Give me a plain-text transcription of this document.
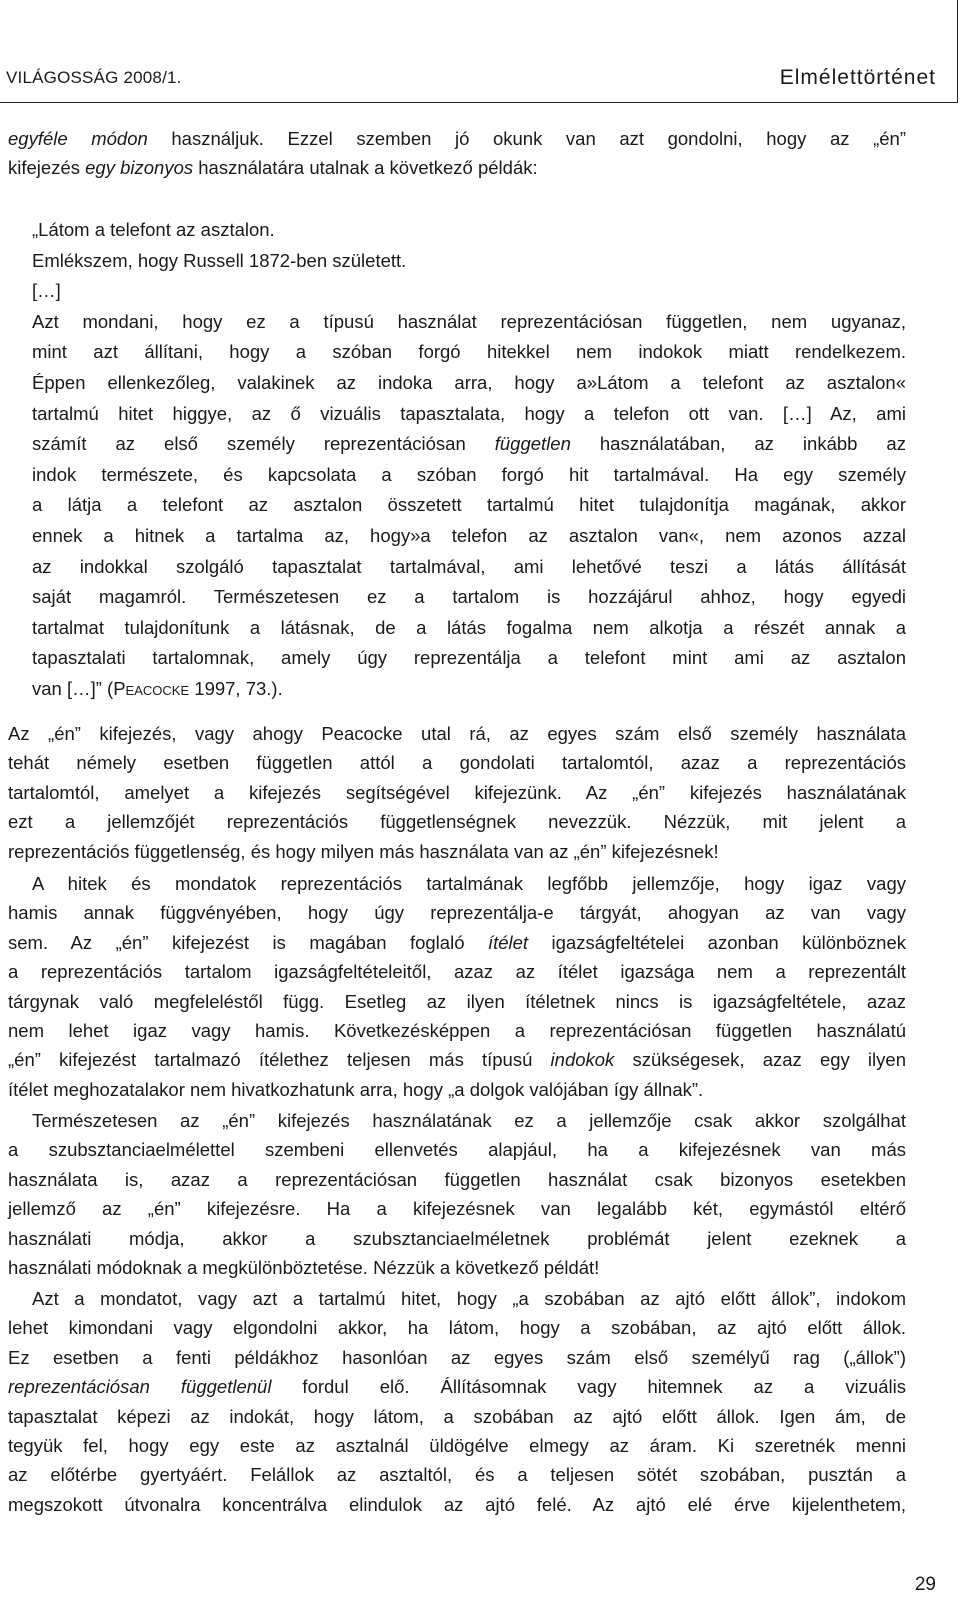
VILÁGOSSÁG 2008/1.	Elmélettörténet
egyféle módon használjuk. Ezzel szemben jó okunk van azt gondolni, hogy az „én”
kifejezés egy bizonyos használatára utalnak a következő példák:
„Látom a telefont az asztalon.
Emlékszem, hogy Russell 1872-ben született.
[…]
Azt mondani, hogy ez a típusú használat reprezentációsan független, nem ugyanaz,
mint azt állítani, hogy a szóban forgó hitekkel nem indokok miatt rendelkezem.
Éppen ellenkezőleg, valakinek az indoka arra, hogy a»Látom a telefont az asztalon«
tartalmú hitet higgye, az ő vizuális tapasztalata, hogy a telefon ott van. […] Az, ami
számít az első személy reprezentációsan független használatában, az inkább az
indok természete, és kapcsolata a szóban forgó hit tartalmával. Ha egy személy
a látja a telefont az asztalon összetett tartalmú hitet tulajdonítja magának, akkor
ennek a hitnek a tartalma az, hogy»a telefon az asztalon van«, nem azonos azzal
az indokkal szolgáló tapasztalat tartalmával, ami lehetővé teszi a látás állítását
saját magamról. Természetesen ez a tartalom is hozzájárul ahhoz, hogy egyedi
tartalmat tulajdonítunk a látásnak, de a látás fogalma nem alkotja a részét annak a
tapasztalati tartalomnak, amely úgy reprezentálja a telefont mint ami az asztalon
van […]” (Peacocke 1997, 73.).
Az „én” kifejezés, vagy ahogy Peacocke utal rá, az egyes szám első személy használata
tehát némely esetben független attól a gondolati tartalomtól, azaz a reprezentációs
tartalomtól, amelyet a kifejezés segítségével kifejezünk. Az „én” kifejezés használatának
ezt a jellemzőjét reprezentációs függetlenségnek nevezzük. Nézzük, mit jelent a
reprezentációs függetlenség, és hogy milyen más használata van az „én” kifejezésnek!
A hitek és mondatok reprezentációs tartalmának legfőbb jellemzője, hogy igaz vagy
hamis annak függvényében, hogy úgy reprezentálja-e tárgyát, ahogyan az van vagy
sem. Az „én” kifejezést is magában foglaló ítélet igazságfeltételei azonban különböznek
a reprezentációs tartalom igazságfeltételeitől, azaz az ítélet igazsága nem a reprezentált
tárgynak való megfeleléstől függ. Esetleg az ilyen ítéletnek nincs is igazságfeltétele, azaz
nem lehet igaz vagy hamis. Következésképpen a reprezentációsan független használatú
„én” kifejezést tartalmazó ítélethez teljesen más típusú indokok szükségesek, azaz egy ilyen
ítélet meghozatalakor nem hivatkozhatunk arra, hogy „a dolgok valójában így állnak”.
Természetesen az „én” kifejezés használatának ez a jellemzője csak akkor szolgálhat
a szubsztanciaelmélettel szembeni ellenvetés alapjául, ha a kifejezésnek van más
használata is, azaz a reprezentációsan független használat csak bizonyos esetekben
jellemző az „én” kifejezésre. Ha a kifejezésnek van legalább két, egymástól eltérő
használati módja, akkor a szubsztanciaelméletnek problémát jelent ezeknek a
használati módoknak a megkülönböztetése. Nézzük a következő példát!
Azt a mondatot, vagy azt a tartalmú hitet, hogy „a szobában az ajtó előtt állok”, indokom
lehet kimondani vagy elgondolni akkor, ha látom, hogy a szobában, az ajtó előtt állok.
Ez esetben a fenti példákhoz hasonlóan az egyes szám első személyű rag („állok”)
reprezentációsan függetlenül fordul elő. Állításomnak vagy hitemnek az a vizuális
tapasztalat képezi az indokát, hogy látom, a szobában az ajtó előtt állok. Igen ám, de
tegyük fel, hogy egy este az asztalnál üldögélve elmegy az áram. Ki szeretnék menni
az előtérbe gyertyáért. Felállok az asztaltól, és a teljesen sötét szobában, pusztán a
megszokott útvonalra koncentrálva elindulok az ajtó felé. Az ajtó elé érve kijelenthetem,
29
